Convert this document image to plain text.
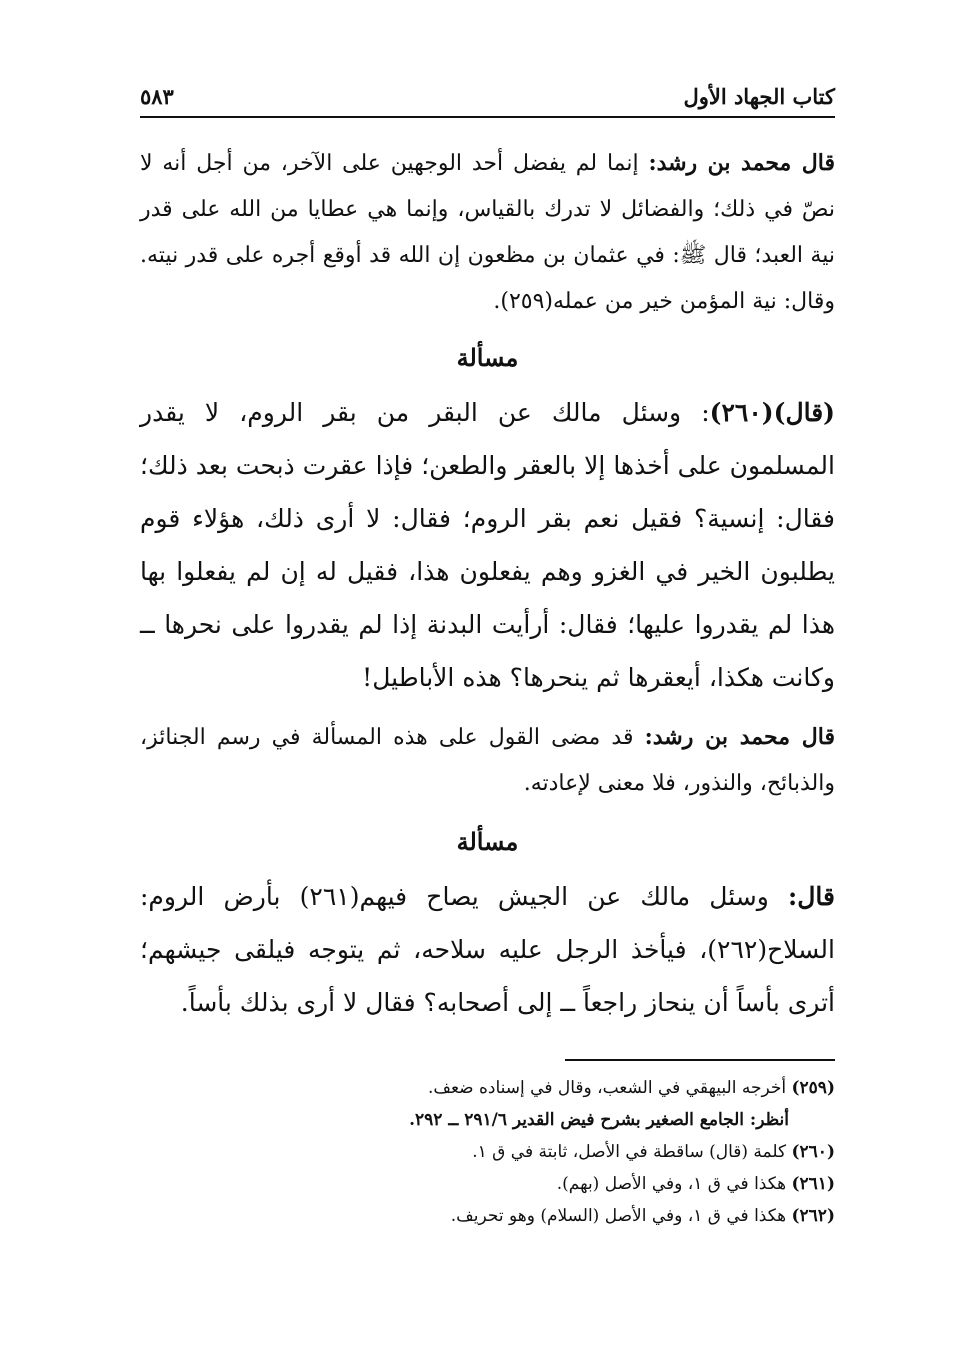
كتاب الجهاد الأول
٥٨٣

قال محمد بن رشد: إنما لم يفضل أحد الوجهين على الآخر، من أجل أنه لا نصّ في ذلك؛ والفضائل لا تدرك بالقياس، وإنما هي عطايا من الله على قدر نية العبد؛ قال ﷺ: في عثمان بن مظعون إن الله قد أوقع أجره على قدر نيته. وقال: نية المؤمن خير من عمله(٢٥٩).

مسألة

(قال)(٢٦٠): وسئل مالك عن البقر من بقر الروم، لا يقدر المسلمون على أخذها إلا بالعقر والطعن؛ فإذا عقرت ذبحت بعد ذلك؛ فقال: إنسية؟ فقيل نعم بقر الروم؛ فقال: لا أرى ذلك، هؤلاء قوم يطلبون الخير في الغزو وهم يفعلون هذا، فقيل له إن لم يفعلوا بها هذا لم يقدروا عليها؛ فقال: أرأيت البدنة إذا لم يقدروا على نحرها ــ وكانت هكذا، أيعقرها ثم ينحرها؟ هذه الأباطيل!

قال محمد بن رشد: قد مضى القول على هذه المسألة في رسم الجنائز، والذبائح، والنذور، فلا معنى لإعادته.

مسألة

قال: وسئل مالك عن الجيش يصاح فيهم(٢٦١) بأرض الروم: السلاح(٢٦٢)، فيأخذ الرجل عليه سلاحه، ثم يتوجه فيلقى جيشهم؛ أترى بأساً أن ينحاز راجعاً ــ إلى أصحابه؟ فقال لا أرى بذلك بأساً.

(٢٥٩) أخرجه البيهقي في الشعب، وقال في إسناده ضعف.

أنظر: الجامع الصغير بشرح فيض القدير ٢٩١/٦ ــ ٢٩٢.

(٢٦٠) كلمة (قال) ساقطة في الأصل، ثابتة في ق ١.

(٢٦١) هكذا في ق ١، وفي الأصل (بهم).

(٢٦٢) هكذا في ق ١، وفي الأصل (السلام) وهو تحريف.
